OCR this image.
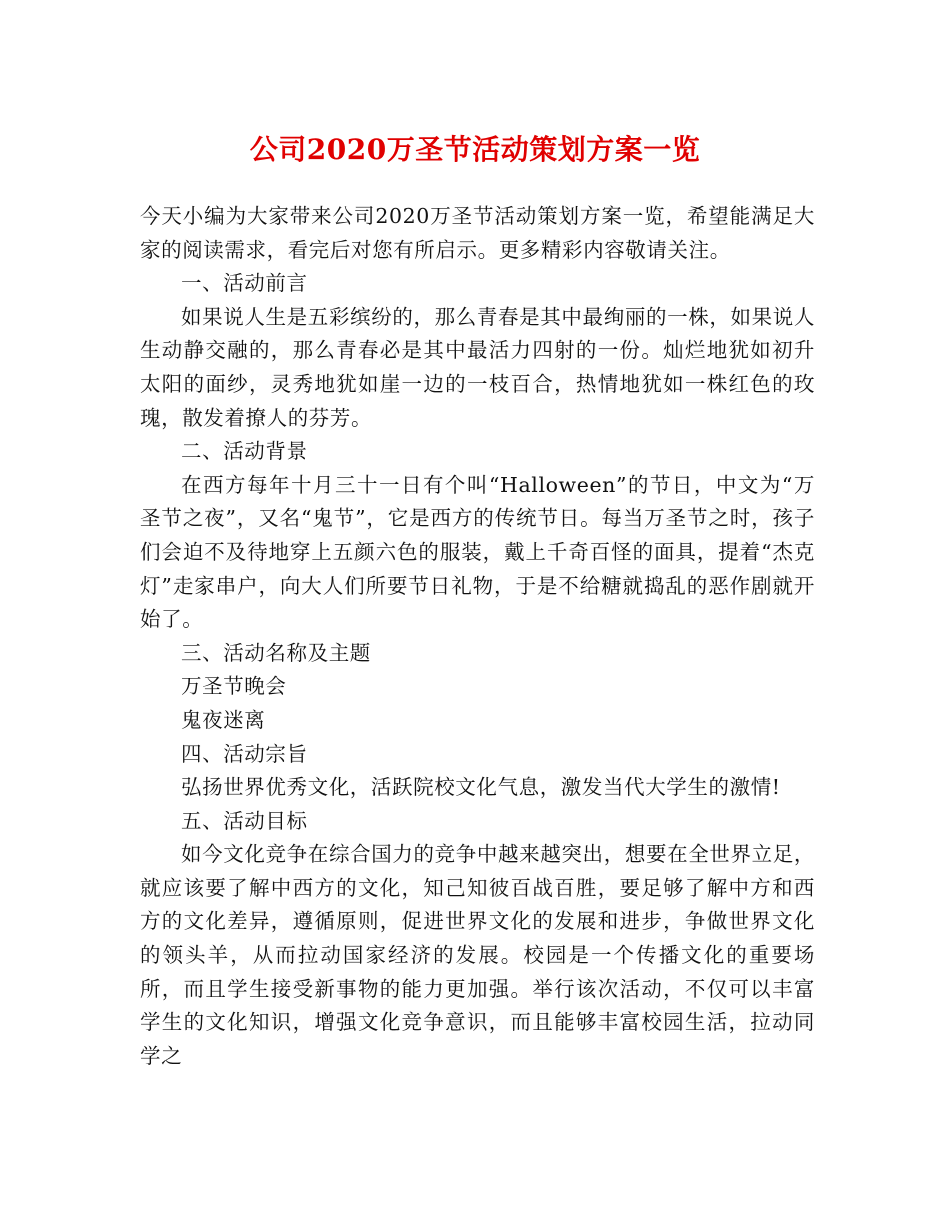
公司2020万圣节活动策划方案一览

今天小编为大家带来公司2020万圣节活动策划方案一览，希望能满足大家的阅读需求，看完后对您有所启示。更多精彩内容敬请关注。

一、活动前言

如果说人生是五彩缤纷的，那么青春是其中最绚丽的一株，如果说人生动静交融的，那么青春必是其中最活力四射的一份。灿烂地犹如初升太阳的面纱，灵秀地犹如崖一边的一枝百合，热情地犹如一株红色的玫瑰，散发着撩人的芬芳。

二、活动背景

在西方每年十月三十一日有个叫“Halloween”的节日，中文为“万圣节之夜”，又名“鬼节”，它是西方的传统节日。每当万圣节之时，孩子们会迫不及待地穿上五颜六色的服装，戴上千奇百怪的面具，提着“杰克灯”走家串户，向大人们所要节日礼物，于是不给糖就捣乱的恶作剧就开始了。

三、活动名称及主题

万圣节晚会

鬼夜迷离

四、活动宗旨

弘扬世界优秀文化，活跃院校文化气息，激发当代大学生的激情!

五、活动目标

如今文化竞争在综合国力的竞争中越来越突出，想要在全世界立足，就应该要了解中西方的文化，知己知彼百战百胜，要足够了解中方和西方的文化差异，遵循原则，促进世界文化的发展和进步，争做世界文化的领头羊，从而拉动国家经济的发展。校园是一个传播文化的重要场所，而且学生接受新事物的能力更加强。举行该次活动，不仅可以丰富学生的文化知识，增强文化竞争意识，而且能够丰富校园生活，拉动同学之
